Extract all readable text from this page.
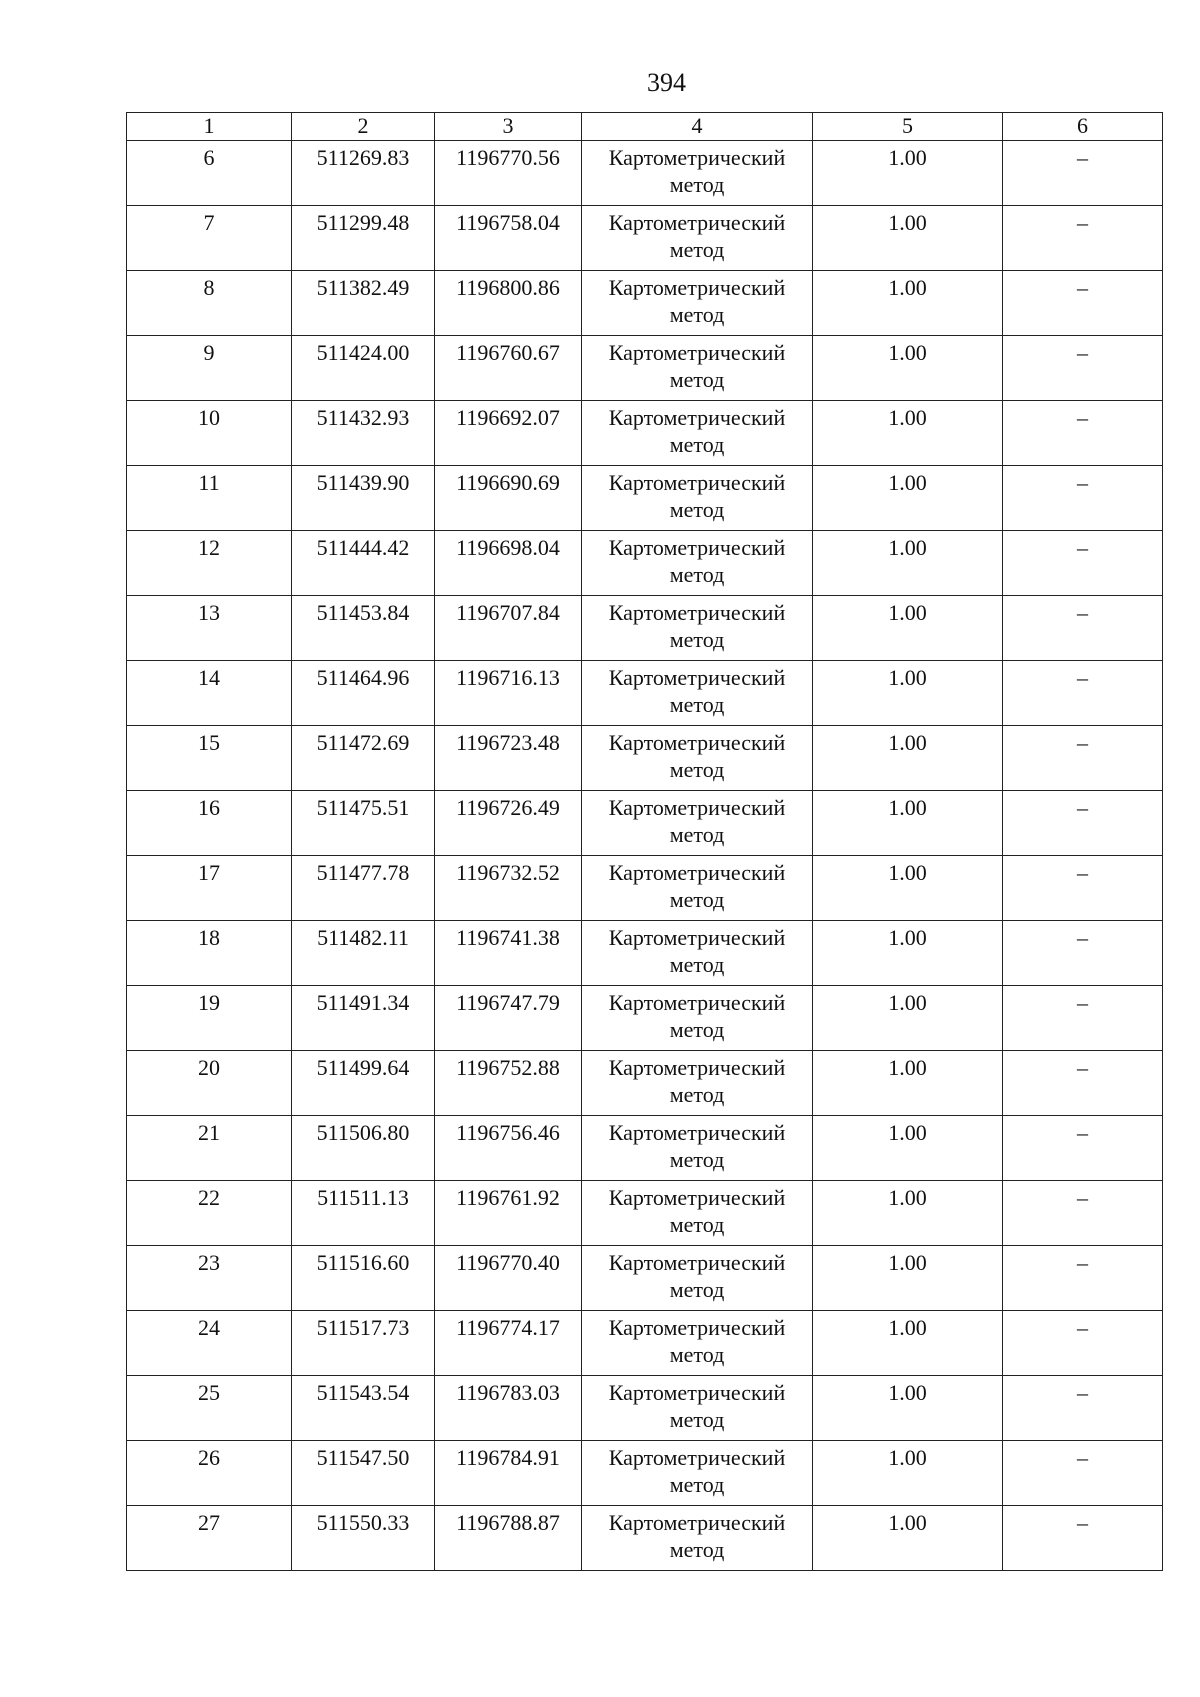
394
1	2	3	4	5	6
6	511269.83	1196770.56	Картометрический метод	1.00	–
7	511299.48	1196758.04	Картометрический метод	1.00	–
8	511382.49	1196800.86	Картометрический метод	1.00	–
9	511424.00	1196760.67	Картометрический метод	1.00	–
10	511432.93	1196692.07	Картометрический метод	1.00	–
11	511439.90	1196690.69	Картометрический метод	1.00	–
12	511444.42	1196698.04	Картометрический метод	1.00	–
13	511453.84	1196707.84	Картометрический метод	1.00	–
14	511464.96	1196716.13	Картометрический метод	1.00	–
15	511472.69	1196723.48	Картометрический метод	1.00	–
16	511475.51	1196726.49	Картометрический метод	1.00	–
17	511477.78	1196732.52	Картометрический метод	1.00	–
18	511482.11	1196741.38	Картометрический метод	1.00	–
19	511491.34	1196747.79	Картометрический метод	1.00	–
20	511499.64	1196752.88	Картометрический метод	1.00	–
21	511506.80	1196756.46	Картометрический метод	1.00	–
22	511511.13	1196761.92	Картометрический метод	1.00	–
23	511516.60	1196770.40	Картометрический метод	1.00	–
24	511517.73	1196774.17	Картометрический метод	1.00	–
25	511543.54	1196783.03	Картометрический метод	1.00	–
26	511547.50	1196784.91	Картометрический метод	1.00	–
27	511550.33	1196788.87	Картометрический метод	1.00	–
